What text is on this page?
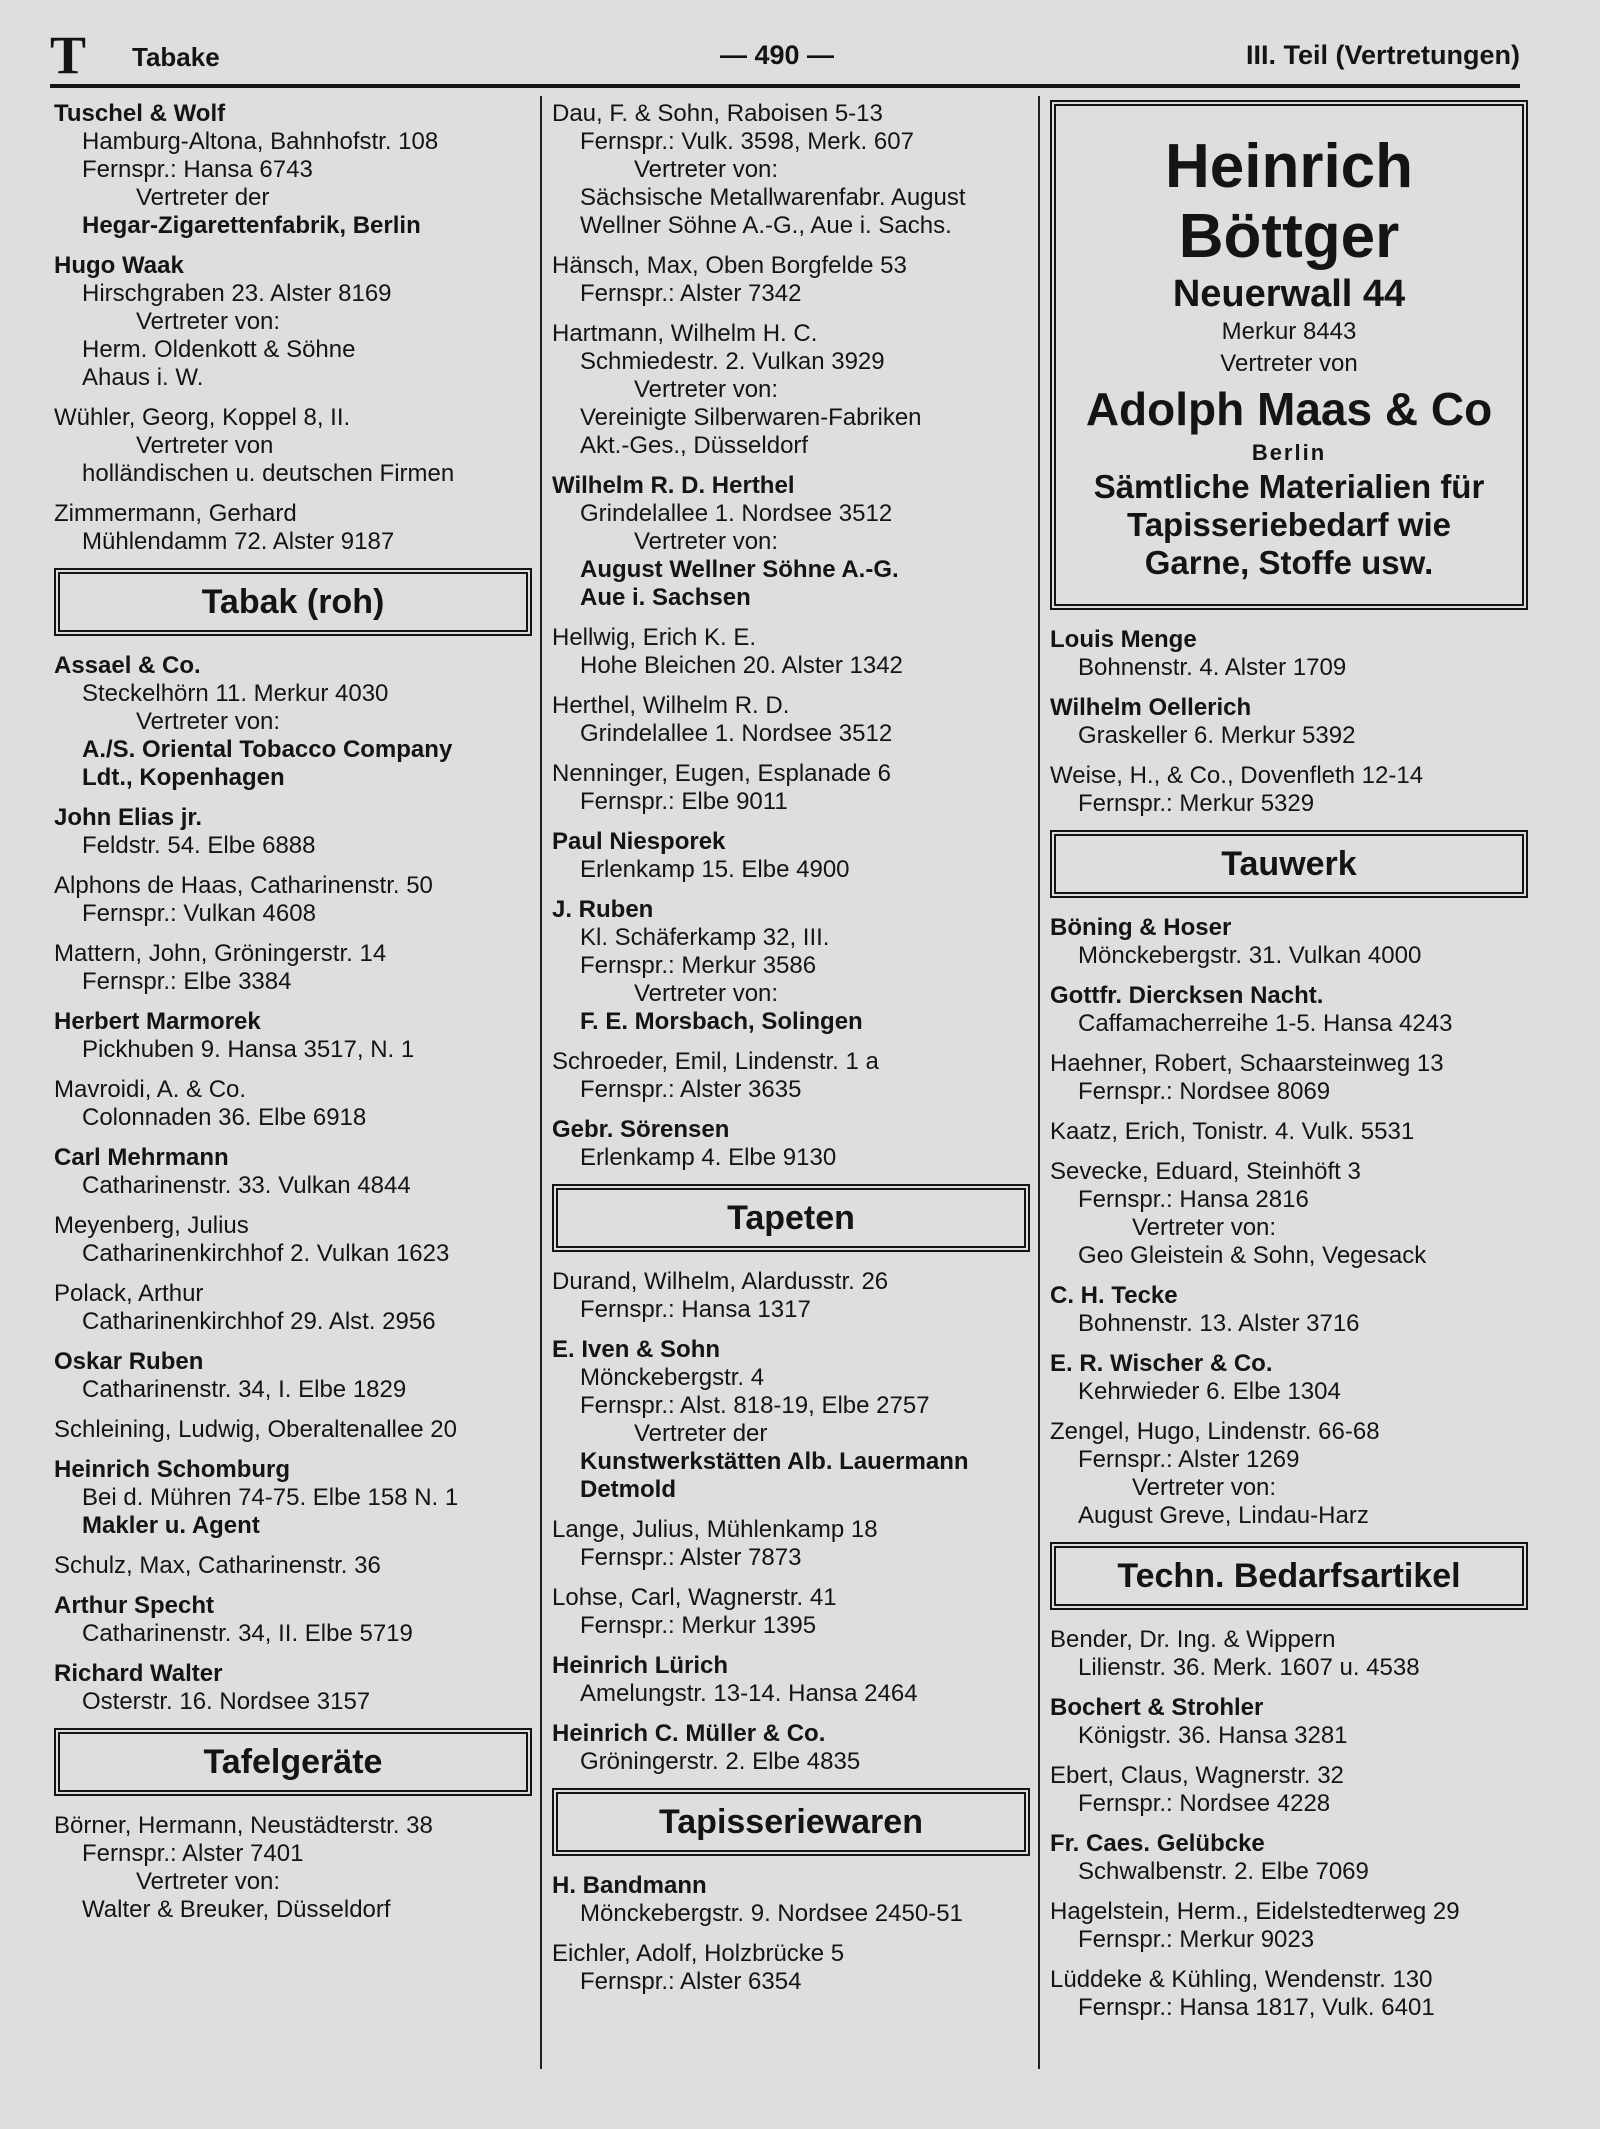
T Tabake	— 490 —	III. Teil (Vertretungen)
Tuschel & Wolf
Hamburg-Altona, Bahnhofstr. 108
Fernspr.: Hansa 6743
Vertreter der
Hegar-Zigarettenfabrik, Berlin
Hugo Waak
Hirschgraben 23. Alster 8169
Vertreter von:
Herm. Oldenkott & Söhne
Ahaus i. W.
Wühler, Georg, Koppel 8, II.
Vertreter von
holländischen u. deutschen Firmen
Zimmermann, Gerhard
Mühlendamm 72. Alster 9187
Tabak (roh)
Assael & Co.
Steckelhörn 11. Merkur 4030
Vertreter von:
A./S. Oriental Tobacco Company
Ldt., Kopenhagen
John Elias jr.
Feldstr. 54. Elbe 6888
Alphons de Haas, Catharinenstr. 50
Fernspr.: Vulkan 4608
Mattern, John, Gröningerstr. 14
Fernspr.: Elbe 3384
Herbert Marmorek
Pickhuben 9. Hansa 3517, N. 1
Mavroidi, A. & Co.
Colonnaden 36. Elbe 6918
Carl Mehrmann
Catharinenstr. 33. Vulkan 4844
Meyenberg, Julius
Catharinenkirchhof 2. Vulkan 1623
Polack, Arthur
Catharinenkirchhof 29. Alst. 2956
Oskar Ruben
Catharinenstr. 34, I. Elbe 1829
Schleining, Ludwig, Oberaltenallee 20
Heinrich Schomburg
Bei d. Mühren 74-75. Elbe 158 N. 1
Makler u. Agent
Schulz, Max, Catharinenstr. 36
Arthur Specht
Catharinenstr. 34, II. Elbe 5719
Richard Walter
Osterstr. 16. Nordsee 3157
Tafelgeräte
Börner, Hermann, Neustädterstr. 38
Fernspr.: Alster 7401
Vertreter von:
Walter & Breuker, Düsseldorf
Dau, F. & Sohn, Raboisen 5-13
Fernspr.: Vulk. 3598, Merk. 607
Vertreter von:
Sächsische Metallwarenfabr. August
Wellner Söhne A.-G., Aue i. Sachs.
Hänsch, Max, Oben Borgfelde 53
Fernspr.: Alster 7342
Hartmann, Wilhelm H. C.
Schmiedestr. 2. Vulkan 3929
Vertreter von:
Vereinigte Silberwaren-Fabriken
Akt.-Ges., Düsseldorf
Wilhelm R. D. Herthel
Grindelallee 1. Nordsee 3512
Vertreter von:
August Wellner Söhne A.-G.
Aue i. Sachsen
Hellwig, Erich K. E.
Hohe Bleichen 20. Alster 1342
Herthel, Wilhelm R. D.
Grindelallee 1. Nordsee 3512
Nenninger, Eugen, Esplanade 6
Fernspr.: Elbe 9011
Paul Niesporek
Erlenkamp 15. Elbe 4900
J. Ruben
Kl. Schäferkamp 32, III.
Fernspr.: Merkur 3586
Vertreter von:
F. E. Morsbach, Solingen
Schroeder, Emil, Lindenstr. 1 a
Fernspr.: Alster 3635
Gebr. Sörensen
Erlenkamp 4. Elbe 9130
Tapeten
Durand, Wilhelm, Alardusstr. 26
Fernspr.: Hansa 1317
E. Iven & Sohn
Mönckebergstr. 4
Fernspr.: Alst. 818-19, Elbe 2757
Vertreter der
Kunstwerkstätten Alb. Lauermann
Detmold
Lange, Julius, Mühlenkamp 18
Fernspr.: Alster 7873
Lohse, Carl, Wagnerstr. 41
Fernspr.: Merkur 1395
Heinrich Lürich
Amelungstr. 13-14. Hansa 2464
Heinrich C. Müller & Co.
Gröningerstr. 2. Elbe 4835
Tapisseriewaren
H. Bandmann
Mönckebergstr. 9. Nordsee 2450-51
Eichler, Adolf, Holzbrücke 5
Fernspr.: Alster 6354
Heinrich Böttger
Neuerwall 44
Merkur 8443
Vertreter von
Adolph Maas & Co
Berlin
Sämtliche Materialien für
Tapisseriebedarf wie
Garne, Stoffe usw.
Louis Menge
Bohnenstr. 4. Alster 1709
Wilhelm Oellerich
Graskeller 6. Merkur 5392
Weise, H., & Co., Dovenfleth 12-14
Fernspr.: Merkur 5329
Tauwerk
Böning & Hoser
Mönckebergstr. 31. Vulkan 4000
Gottfr. Diercksen Nacht.
Caffamacherreihe 1-5. Hansa 4243
Haehner, Robert, Schaarsteinweg 13
Fernspr.: Nordsee 8069
Kaatz, Erich, Tonistr. 4. Vulk. 5531
Sevecke, Eduard, Steinhöft 3
Fernspr.: Hansa 2816
Vertreter von:
Geo Gleistein & Sohn, Vegesack
C. H. Tecke
Bohnenstr. 13. Alster 3716
E. R. Wischer & Co.
Kehrwieder 6. Elbe 1304
Zengel, Hugo, Lindenstr. 66-68
Fernspr.: Alster 1269
Vertreter von:
August Greve, Lindau-Harz
Techn. Bedarfsartikel
Bender, Dr. Ing. & Wippern
Lilienstr. 36. Merk. 1607 u. 4538
Bochert & Strohler
Königstr. 36. Hansa 3281
Ebert, Claus, Wagnerstr. 32
Fernspr.: Nordsee 4228
Fr. Caes. Gelübcke
Schwalbenstr. 2. Elbe 7069
Hagelstein, Herm., Eidelstedterweg 29
Fernspr.: Merkur 9023
Lüddeke & Kühling, Wendenstr. 130
Fernspr.: Hansa 1817, Vulk. 6401
